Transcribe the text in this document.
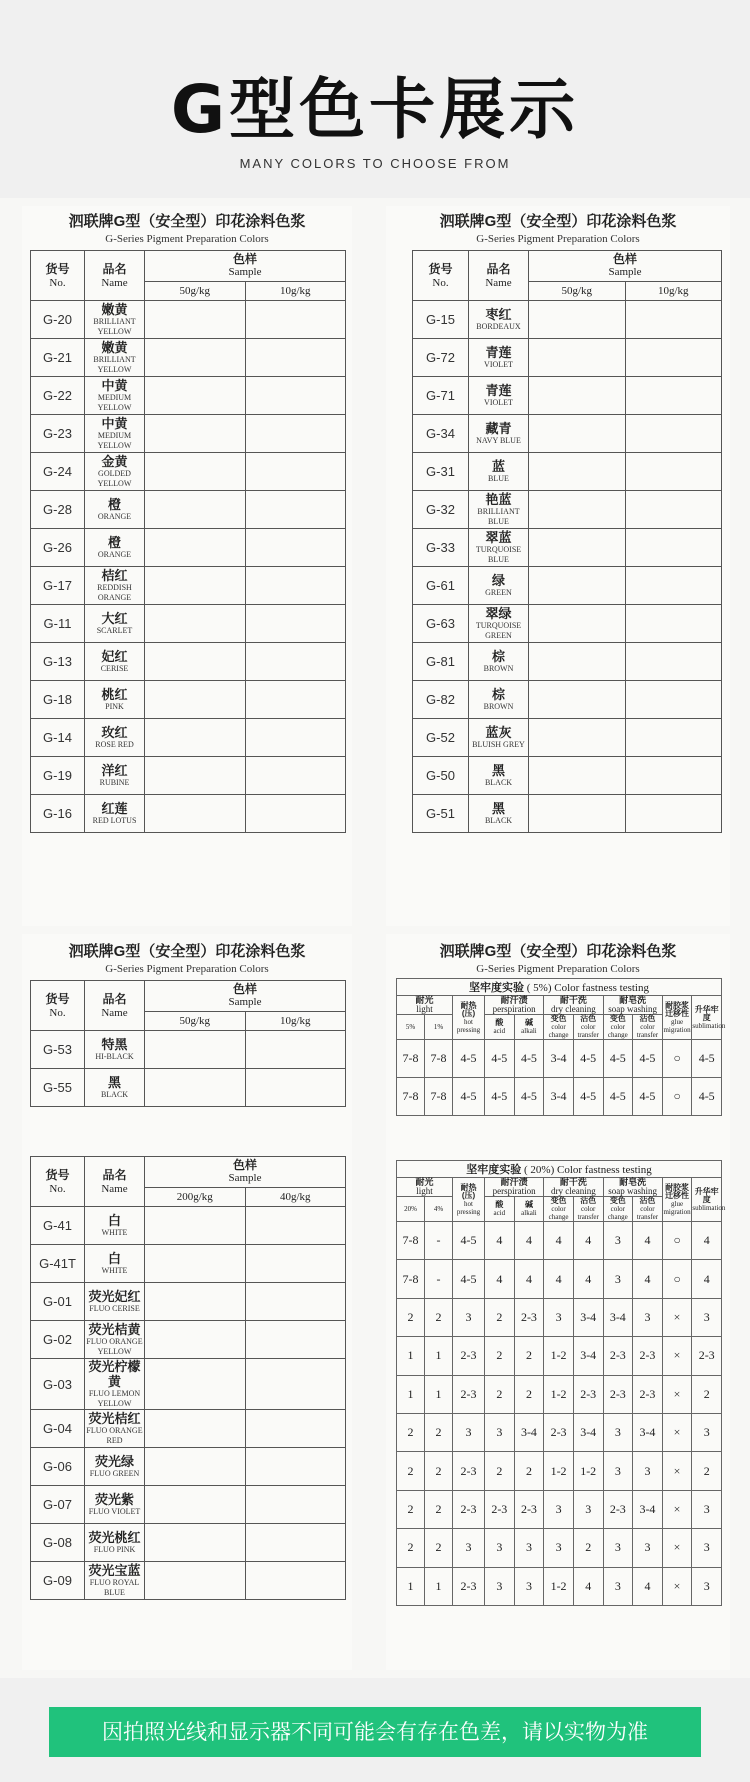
G型色卡展示
MANY COLORS TO CHOOSE FROM
泗联牌G型（安全型）印花涂料色浆
G-Series Pigment Preparation Colors
货号
No.	品名
Name	色样
Sample	
		50g/kg	10g/kg
G-20	嫩黄
BRILLIANT YELLOW		

G-21	嫩黄
BRILLIANT YELLOW		

G-22	中黄
MEDIUM YELLOW		

G-23	中黄
MEDIUM YELLOW		

G-24	金黄
GOLDED YELLOW		

G-28	橙
ORANGE		

G-26	橙
ORANGE		

G-17	桔红
REDDISH ORANGE		

G-11	大红
SCARLET		

G-13	妃红
CERISE		

G-18	桃红
PINK		

G-14	玫红
ROSE RED		

G-19	洋红
RUBINE		

G-16	红莲
RED LOTUS		

泗联牌G型（安全型）印花涂料色浆
G-Series Pigment Preparation Colors
货号
No.	品名
Name	色样
Sample	
		50g/kg	10g/kg
G-15	枣红
BORDEAUX		

G-72	青莲
VIOLET		

G-71	青莲
VIOLET		

G-34	藏青
NAVY BLUE		

G-31	蓝
BLUE		

G-32	艳蓝
BRILLIANT BLUE		

G-33	翠蓝
TURQUOISE BLUE		

G-61	绿
GREEN		

G-63	翠绿
TURQUOISE GREEN		

G-81	棕
BROWN		

G-82	棕
BROWN		

G-52	蓝灰
BLUISH GREY		

G-50	黑
BLACK		

G-51	黑
BLACK		

泗联牌G型（安全型）印花涂料色浆
G-Series Pigment Preparation Colors
货号
No.	品名
Name	色样
Sample	
		50g/kg	10g/kg
G-53	特黑
HI-BLACK		

G-55	黑
BLACK		

货号
No.	品名
Name	色样
Sample	
		200g/kg	40g/kg
G-41	白
WHITE		

G-41T	白
WHITE		

G-01	荧光妃红
FLUO CERISE		

G-02	荧光桔黄
FLUO ORANGE YELLOW		

G-03	荧光柠檬黄
FLUO LEMON YELLOW		

G-04	荧光桔红
FLUO ORANGE RED		

G-06	荧光绿
FLUO GREEN		

G-07	荧光紫
FLUO VIOLET		

G-08	荧光桃红
FLUO PINK		

G-09	荧光宝蓝
FLUO ROYAL BLUE		

泗联牌G型（安全型）印花涂料色浆
G-Series Pigment Preparation Colors
坚牢度实验 ( 5%) Color fastness testing										

耐光
light		耐热 (压)
hot pressing	耐汗渍
perspiration		耐干洗
dry cleaning		耐皂洗
soap washing		耐胶浆 迁移性
glue migration	升华牢度
sublimation
5%	1%		酸
acid	碱
alkali	变色
color change	沾色
color transfer	变色
color change	沾色
color transfer		
7-8	7-8	4-5	4-5	4-5	3-4	4-5	4-5	4-5	○	4-5
7-8	7-8	4-5	4-5	4-5	3-4	4-5	4-5	4-5	○	4-5
坚牢度实验 ( 20%) Color fastness testing										

耐光
light		耐热 (压)
hot pressing	耐汗渍
perspiration		耐干洗
dry cleaning		耐皂洗
soap washing		耐胶浆 迁移性
glue migration	升华牢度
sublimation
20%	4%		酸
acid	碱
alkali	变色
color change	沾色
color transfer	变色
color change	沾色
color transfer		
7-8	-	4-5	4	4	4	4	3	4	○	4
7-8	-	4-5	4	4	4	4	3	4	○	4
2	2	3	2	2-3	3	3-4	3-4	3	×	3
1	1	2-3	2	2	1-2	3-4	2-3	2-3	×	2-3
1	1	2-3	2	2	1-2	2-3	2-3	2-3	×	2
2	2	3	3	3-4	2-3	3-4	3	3-4	×	3
2	2	2-3	2	2	1-2	1-2	3	3	×	2
2	2	2-3	2-3	2-3	3	3	2-3	3-4	×	3
2	2	3	3	3	3	2	3	3	×	3
1	1	2-3	3	3	1-2	4	3	4	×	3
因拍照光线和显示器不同可能会有存在色差，请以实物为准
